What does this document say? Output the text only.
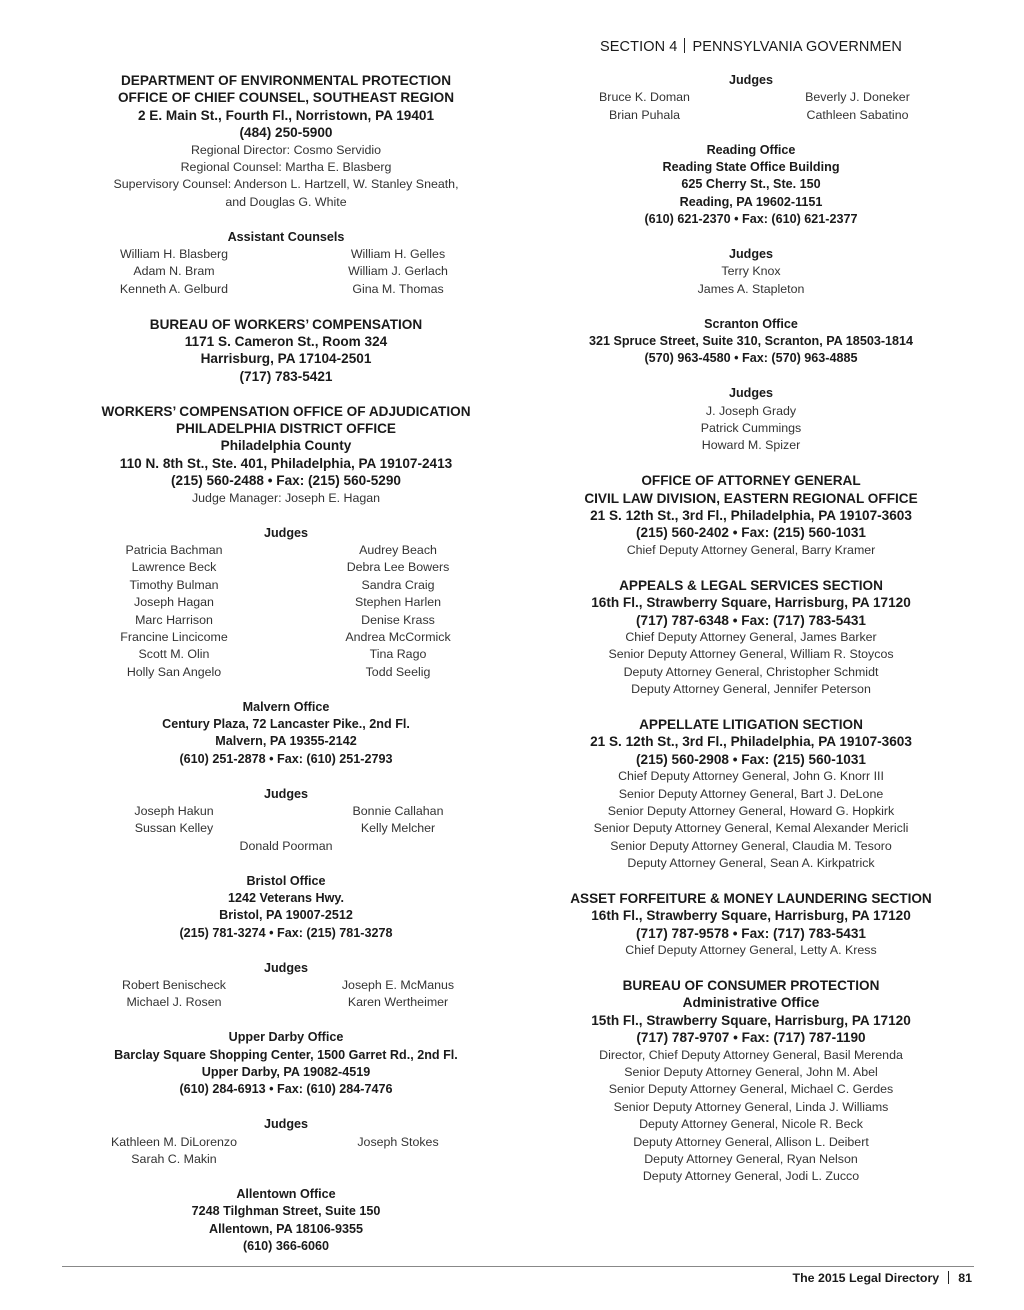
SECTION 4 PENNSYLVANIA GOVERNMEN
DEPARTMENT OF ENVIRONMENTAL PROTECTION
OFFICE OF CHIEF COUNSEL, SOUTHEAST REGION
2 E. Main St., Fourth Fl., Norristown, PA 19401
(484) 250-5900
Regional Director: Cosmo Servidio
Regional Counsel: Martha E. Blasberg
Supervisory Counsel: Anderson L. Hartzell, W. Stanley Sneath,
and Douglas G. White
Assistant Counsels
William H. Blasberg	William H. Gelles
Adam N. Bram	William J. Gerlach
Kenneth A. Gelburd	Gina M. Thomas
BUREAU OF WORKERS’ COMPENSATION
1171 S. Cameron St., Room 324
Harrisburg, PA 17104-2501
(717) 783-5421
WORKERS’ COMPENSATION OFFICE OF ADJUDICATION
PHILADELPHIA DISTRICT OFFICE
Philadelphia County
110 N. 8th St., Ste. 401, Philadelphia, PA 19107-2413
(215) 560-2488 • Fax: (215) 560-5290
Judge Manager: Joseph E. Hagan
Judges
Patricia Bachman	Audrey Beach
Lawrence Beck	Debra Lee Bowers
Timothy Bulman	Sandra Craig
Joseph Hagan	Stephen Harlen
Marc Harrison	Denise Krass
Francine Lincicome	Andrea McCormick
Scott M. Olin	Tina Rago
Holly San Angelo	Todd Seelig
Malvern Office
Century Plaza, 72 Lancaster Pike., 2nd Fl.
Malvern, PA 19355-2142
(610) 251-2878 • Fax: (610) 251-2793
Judges
Joseph Hakun	Bonnie Callahan
Sussan Kelley	Kelly Melcher
Donald Poorman
Bristol Office
1242 Veterans Hwy.
Bristol, PA 19007-2512
(215) 781-3274 • Fax: (215) 781-3278
Judges
Robert Benischeck	Joseph E. McManus
Michael J. Rosen	Karen Wertheimer
Upper Darby Office
Barclay Square Shopping Center, 1500 Garret Rd., 2nd Fl.
Upper Darby, PA 19082-4519
(610) 284-6913 • Fax: (610) 284-7476
Judges
Kathleen M. DiLorenzo	Joseph Stokes
Sarah C. Makin
Allentown Office
7248 Tilghman Street, Suite 150
Allentown, PA 18106-9355
(610) 366-6060
Judges
Bruce K. Doman	Beverly J. Doneker
Brian Puhala	Cathleen Sabatino
Reading Office
Reading State Office Building
625 Cherry St., Ste. 150
Reading, PA 19602-1151
(610) 621-2370 • Fax: (610) 621-2377
Judges
Terry Knox
James A. Stapleton
Scranton Office
321 Spruce Street, Suite 310, Scranton, PA 18503-1814
(570) 963-4580 • Fax: (570) 963-4885
Judges
J. Joseph Grady
Patrick Cummings
Howard M. Spizer
OFFICE OF ATTORNEY GENERAL
CIVIL LAW DIVISION, EASTERN REGIONAL OFFICE
21 S. 12th St., 3rd Fl., Philadelphia, PA 19107-3603
(215) 560-2402 • Fax: (215) 560-1031
Chief Deputy Attorney General, Barry Kramer
APPEALS & LEGAL SERVICES SECTION
16th Fl., Strawberry Square, Harrisburg, PA 17120
(717) 787-6348 • Fax: (717) 783-5431
Chief Deputy Attorney General, James Barker
Senior Deputy Attorney General, William R. Stoycos
Deputy Attorney General, Christopher Schmidt
Deputy Attorney General, Jennifer Peterson
APPELLATE LITIGATION SECTION
21 S. 12th St., 3rd Fl., Philadelphia, PA 19107-3603
(215) 560-2908 • Fax: (215) 560-1031
Chief Deputy Attorney General, John G. Knorr III
Senior Deputy Attorney General, Bart J. DeLone
Senior Deputy Attorney General, Howard G. Hopkirk
Senior Deputy Attorney General, Kemal Alexander Mericli
Senior Deputy Attorney General, Claudia M. Tesoro
Deputy Attorney General, Sean A. Kirkpatrick
ASSET FORFEITURE & MONEY LAUNDERING SECTION
16th Fl., Strawberry Square, Harrisburg, PA 17120
(717) 787-9578 • Fax: (717) 783-5431
Chief Deputy Attorney General, Letty A. Kress
BUREAU OF CONSUMER PROTECTION
Administrative Office
15th Fl., Strawberry Square, Harrisburg, PA 17120
(717) 787-9707 • Fax: (717) 787-1190
Director, Chief Deputy Attorney General, Basil Merenda
Senior Deputy Attorney General, John M. Abel
Senior Deputy Attorney General, Michael C. Gerdes
Senior Deputy Attorney General, Linda J. Williams
Deputy Attorney General, Nicole R. Beck
Deputy Attorney General, Allison L. Deibert
Deputy Attorney General, Ryan Nelson
Deputy Attorney General, Jodi L. Zucco
The 2015 Legal Directory 81
